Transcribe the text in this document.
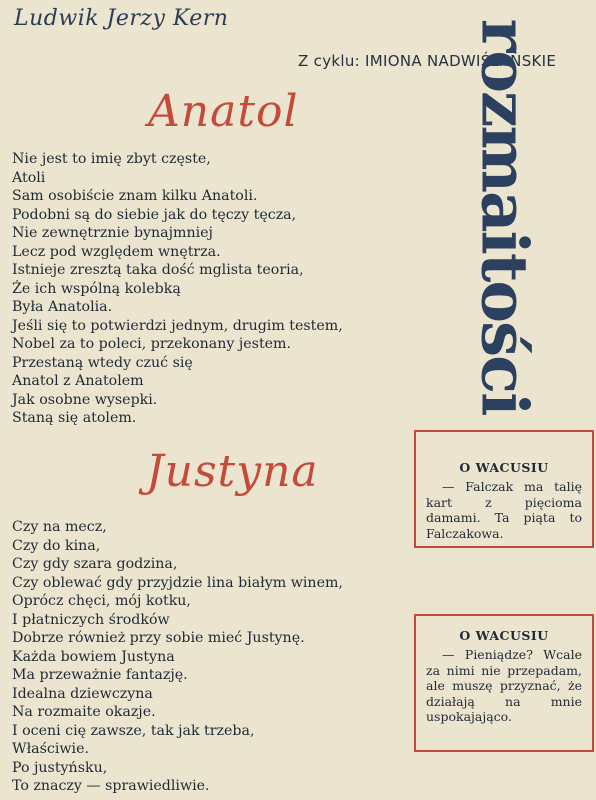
Ludwik Jerzy Kern
Z cyklu: IMIONA NADWIŚLAŃSKIE
rozmaitości
Anatol
Nie jest to imię zbyt częste,
Atoli
Sam osobiście znam kilku Anatoli.
Podobni są do siebie jak do tęczy tęcza,
Nie zewnętrznie bynajmniej
Lecz pod względem wnętrza.
Istnieje zresztą taka dość mglista teoria,
Że ich wspólną kolebką
Była Anatolia.
Jeśli się to potwierdzi jednym, drugim testem,
Nobel za to poleci, przekonany jestem.
Przestaną wtedy czuć się
Anatol z Anatolem
Jak osobne wysepki.
Staną się atolem.
Justyna
Czy na mecz,
Czy do kina,
Czy gdy szara godzina,
Czy oblewać gdy przyjdzie lina białym winem,
Oprócz chęci, mój kotku,
I płatniczych środków
Dobrze również przy sobie mieć Justynę.
Każda bowiem Justyna
Ma przeważnie fantazję.
Idealna dziewczyna
Na rozmaite okazje.
I oceni cię zawsze, tak jak trzeba,
Właściwie.
Po justyńsku,
To znaczy — sprawiedliwie.
O WACUSIU
— Falczak ma talię kart z pięcioma damami. Ta piąta to Falczakowa.
O WACUSIU
— Pieniądze? Wcale za nimi nie przepadam, ale muszę przyznać, że działają na mnie uspokajająco.
